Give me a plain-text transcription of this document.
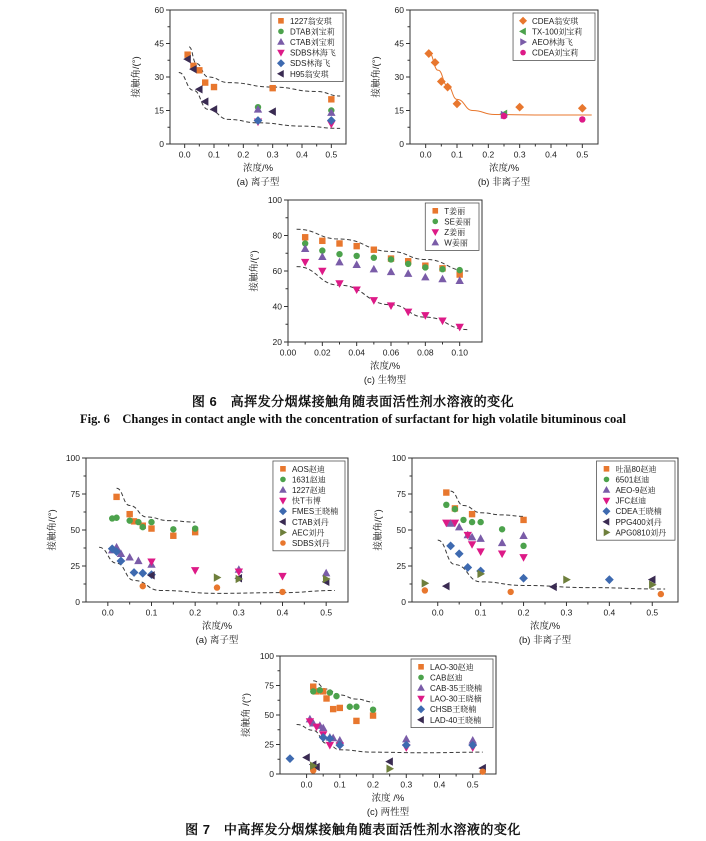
0.0 0.1 0.2 0.3 0.4 0.5
0
15
30
45
60
浓度/%
接触角/(°)
(a) 离子型
1227翁安琪
DTAB刘宝莉
CTAB刘宝莉
SDBS林海飞
SDS林海飞
H95翁安琪
0.0 0.1 0.2 0.3 0.4 0.5
0
15
30
45
60
浓度/%
接触角/(°)
(b) 非离子型
CDEA翁安琪
TX-100刘宝莉
AEO林海飞
CDEA刘宝莉
0.00 0.02 0.04 0.06 0.08 0.10
20
40
60
80
100
浓度/%
接触角/(°)
(c) 生物型
T姜丽
SE姜丽
Z姜丽
W姜丽

图 6　高挥发分烟煤接触角随表面活性剂水溶液的变化

Fig. 6　Changes in contact angle with the concentration of surfactant for high volatile bituminous coal

0.0	0.1	0.2	0.3	0.4	0.5
0
25
50
75
100
浓度/%
接触角/(°)
(a) 离子型
AOS赵迪
1631赵迪
1227赵迪
快T韦博
FMES王晓楠
CTAB刘丹
AEC刘丹
SDBS刘丹
0.0	0.1	0.2	0.3	0.4	0.5
0
25
50
75
100
浓度/%
接触角/(°)
(b) 非离子型
吐温80赵迪
6501赵迪
AEO-9赵迪
JFC赵迪
CDEA王晓楠
PPG400刘丹
APG0810刘丹
0.0	0.1	0.2	0.3	0.4	0.5
0
25
50
75
100
浓度 /%
接触角 /(°)
(c) 两性型
LAO-30赵迪
CAB赵迪
CAB-35王晓楠
LAO-30王晓楠
CHSB王晓楠
LAD-40王晓楠

图 7　中高挥发分烟煤接触角随表面活性剂水溶液的变化
